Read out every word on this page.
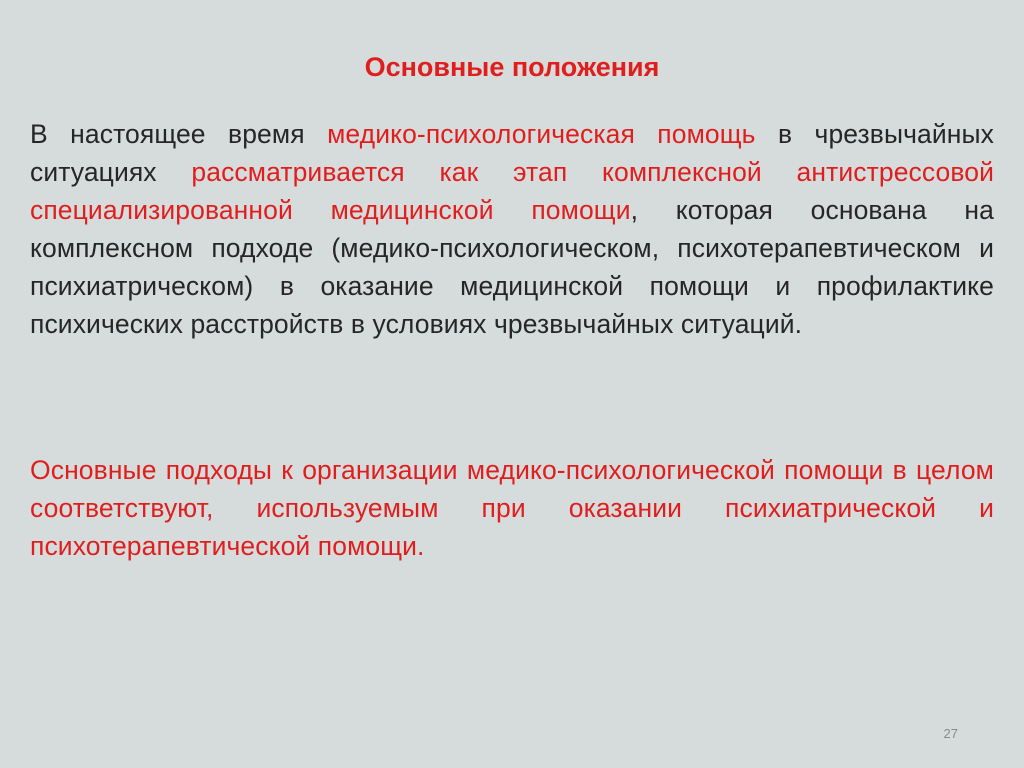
Основные положения

В настоящее время медико-психологическая помощь в чрезвычайных ситуациях рассматривается как этап комплексной антистрессовой специализированной медицинской помощи, которая основана на комплексном подходе (медико-психологическом, психотерапевтическом и психиатрическом) в оказание медицинской помощи и профилактике психических расстройств в условиях чрезвычайных ситуаций.

Основные подходы к организации медико-психологической помощи в целом соответствуют, используемым при оказании психиатрической и психотерапевтической помощи.

27
